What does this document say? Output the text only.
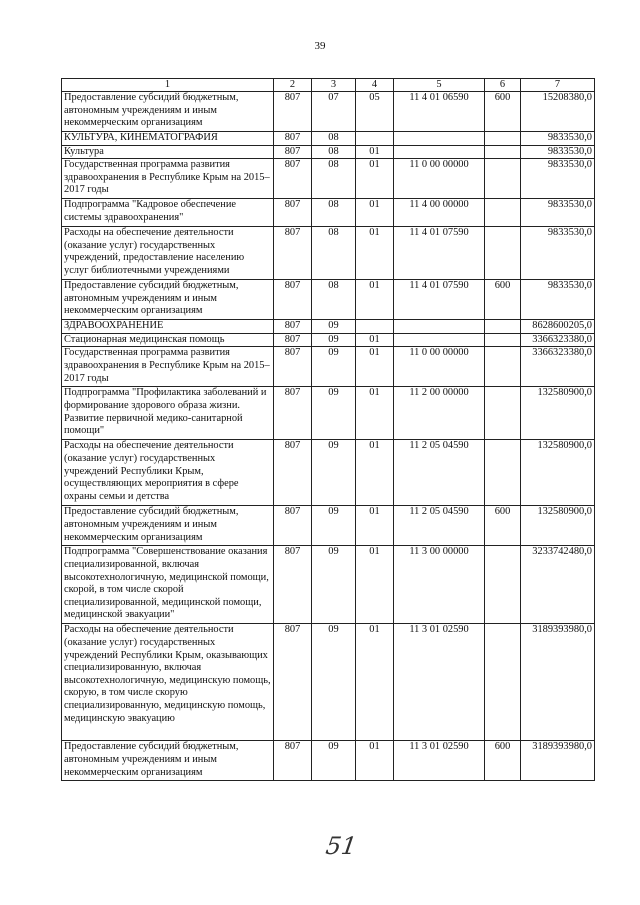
39
1	2	3	4	5	6	7
Предоставление субсидий бюджетным, автономным учреждениям и иным некоммерческим организациям	807	07	05	11 4 01 06590	600	15208380,0
КУЛЬТУРА, КИНЕМАТОГРАФИЯ	807	08				9833530,0
Культура	807	08	01			9833530,0
Государственная программа развития здравоохранения в Республике Крым на 2015–2017 годы	807	08	01	11 0 00 00000		9833530,0
Подпрограмма "Кадровое обеспечение системы здравоохранения"	807	08	01	11 4 00 00000		9833530,0
Расходы на обеспечение деятельности (оказание услуг) государственных учреждений, предоставление населению услуг библиотечными учреждениями	807	08	01	11 4 01 07590		9833530,0
Предоставление субсидий бюджетным, автономным учреждениям и иным некоммерческим организациям	807	08	01	11 4 01 07590	600	9833530,0
ЗДРАВООХРАНЕНИЕ	807	09				8628600205,0
Стационарная медицинская помощь	807	09	01			3366323380,0
Государственная программа развития здравоохранения в Республике Крым на 2015–2017 годы	807	09	01	11 0 00 00000		3366323380,0
Подпрограмма "Профилактика заболеваний и формирование здорового образа жизни. Развитие первичной медико-санитарной помощи"	807	09	01	11 2 00 00000		132580900,0
Расходы на обеспечение деятельности (оказание услуг) государственных учреждений Республики Крым, осуществляющих мероприятия в сфере охраны семьи и детства	807	09	01	11 2 05 04590		132580900,0
Предоставление субсидий бюджетным, автономным учреждениям и иным некоммерческим организациям	807	09	01	11 2 05 04590	600	132580900,0
Подпрограмма "Совершенствование оказания специализированной, включая высокотехнологичную, медицинской помощи, скорой, в том числе скорой специализированной, медицинской помощи, медицинской эвакуации"	807	09	01	11 3 00 00000		3233742480,0
Расходы на обеспечение деятельности (оказание услуг) государственных учреждений Республики Крым, оказывающих специализированную, включая высокотехнологичную, медицинскую помощь, скорую, в том числе скорую специализированную, медицинскую помощь, медицинскую эвакуацию	807	09	01	11 3 01 02590		3189393980,0
Предоставление субсидий бюджетным, автономным учреждениям и иным некоммерческим организациям	807	09	01	11 3 01 02590	600	3189393980,0
51
